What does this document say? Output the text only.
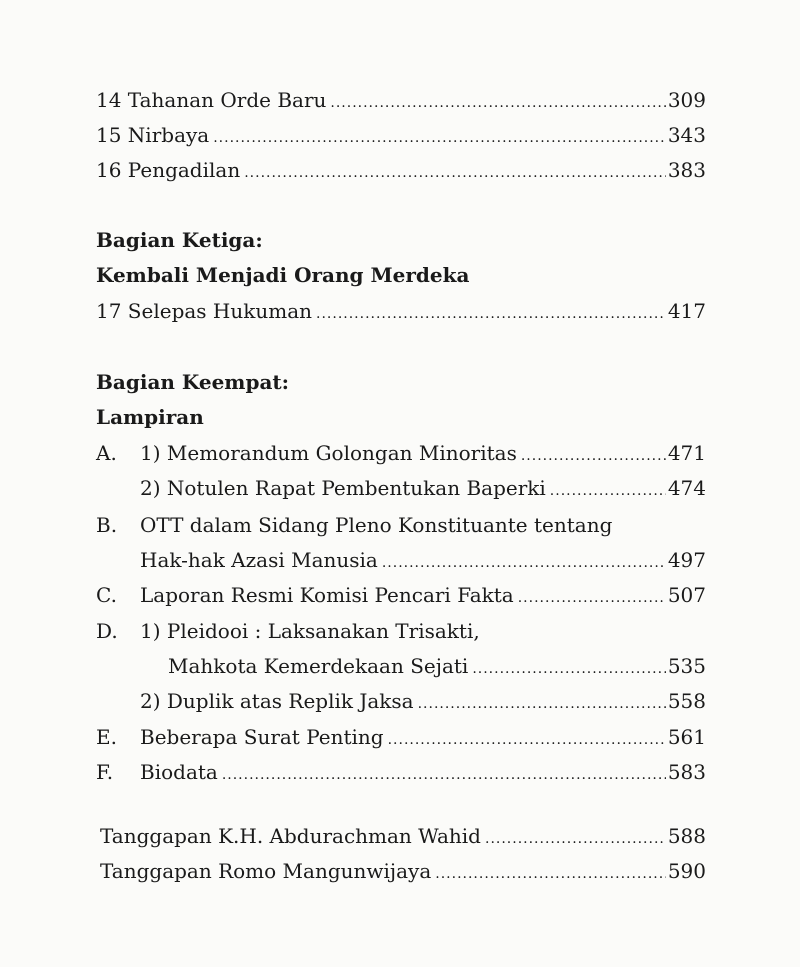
14 Tahanan Orde Baru .....	309
15 Nirbaya .....	343
16 Pengadilan .....	383
Bagian Ketiga:
Kembali Menjadi Orang Merdeka
17 Selepas Hukuman .....	417
Bagian Keempat:
Lampiran
A. 1) Memorandum Golongan Minoritas .....	471
2) Notulen Rapat Pembentukan Baperki .....	474
B. OTT dalam Sidang Pleno Konstituante tentang
Hak-hak Azasi Manusia .....	497
C. Laporan Resmi Komisi Pencari Fakta .....	507
D. 1) Pleidooi : Laksanakan Trisakti,
Mahkota Kemerdekaan Sejati .....	535
2) Duplik atas Replik Jaksa .....	558
E. Beberapa Surat Penting .....	561
F. Biodata .....	583
Tanggapan K.H. Abdurachman Wahid .....	588
Tanggapan Romo Mangunwijaya .....	590
